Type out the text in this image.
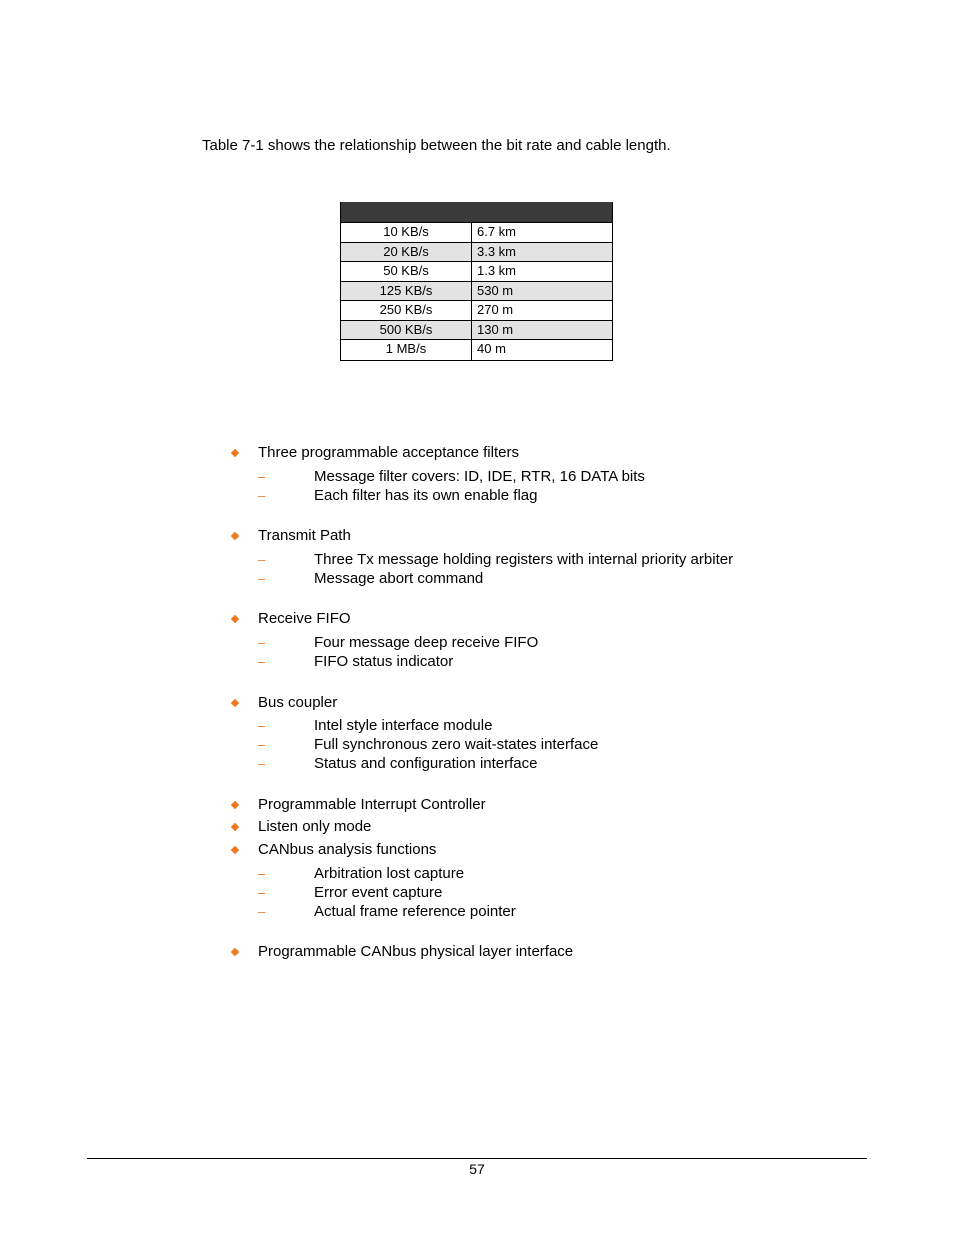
Table 7-1 shows the relationship between the bit rate and cable length.
10 KB/s	6.7 km
20 KB/s	3.3 km
50 KB/s	1.3 km
125 KB/s	530 m
250 KB/s	270 m
500 KB/s	130 m
1 MB/s	40 m
Three programmable acceptance filters
–	Message filter covers: ID, IDE, RTR, 16 DATA bits
–	Each filter has its own enable flag
Transmit Path
–	Three Tx message holding registers with internal priority arbiter
–	Message abort command
Receive FIFO
–	Four message deep receive FIFO
–	FIFO status indicator
Bus coupler
–	Intel style interface module
–	Full synchronous zero wait-states interface
–	Status and configuration interface
Programmable Interrupt Controller
Listen only mode
CANbus analysis functions
–	Arbitration lost capture
–	Error event capture
–	Actual frame reference pointer
Programmable CANbus physical layer interface
57
